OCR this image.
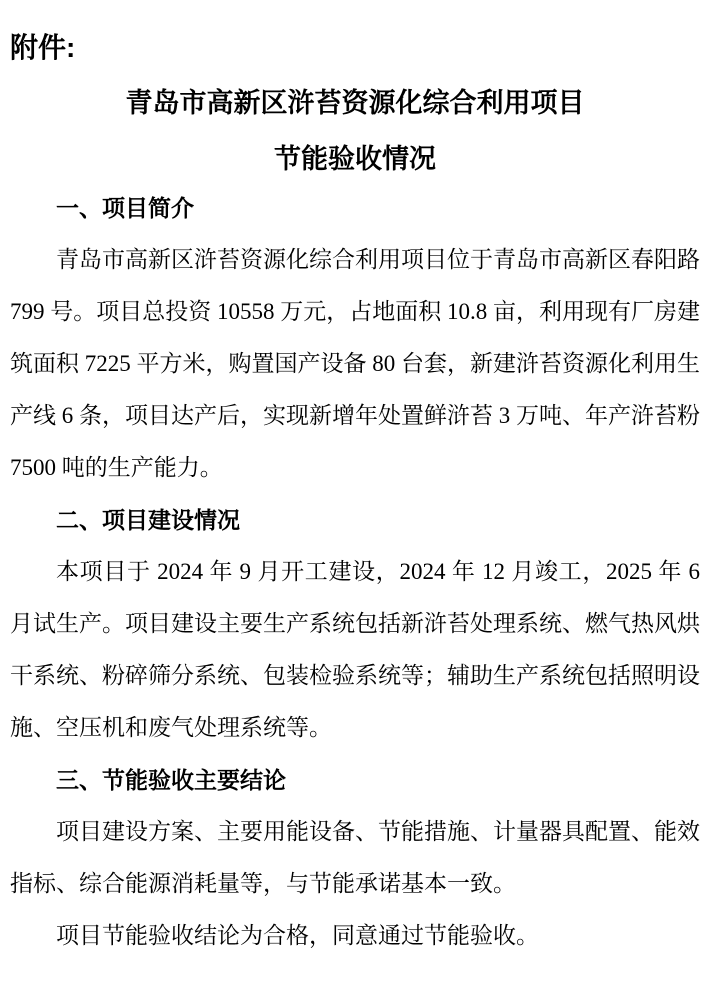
附件:
青岛市高新区浒苔资源化综合利用项目
节能验收情况
一、项目简介

青岛市高新区浒苔资源化综合利用项目位于青岛市高新区春阳路 799 号。项目总投资 10558 万元，占地面积 10.8 亩，利用现有厂房建筑面积 7225 平方米，购置国产设备 80 台套，新建浒苔资源化利用生产线 6 条，项目达产后，实现新增年处置鲜浒苔 3 万吨、年产浒苔粉 7500 吨的生产能力。

二、项目建设情况

本项目于 2024 年 9 月开工建设，2024 年 12 月竣工，2025 年 6 月试生产。项目建设主要生产系统包括新浒苔处理系统、燃气热风烘干系统、粉碎筛分系统、包装检验系统等；辅助生产系统包括照明设施、空压机和废气处理系统等。

三、节能验收主要结论

项目建设方案、主要用能设备、节能措施、计量器具配置、能效指标、综合能源消耗量等，与节能承诺基本一致。

项目节能验收结论为合格，同意通过节能验收。
